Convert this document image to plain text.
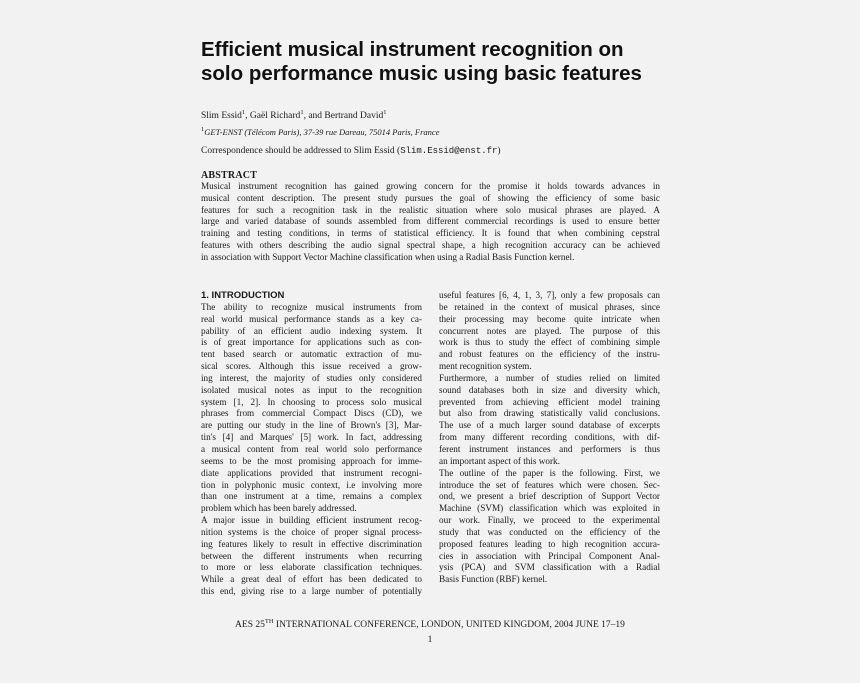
Efficient musical instrument recognition on
solo performance music using basic features
Slim Essid$^1$, Gaël Richard$^1$, and Bertrand David$^1$
$^1$GET-ENST (Télécom Paris), 37-39 rue Dareau, 75014 Paris, France
Correspondence should be addressed to Slim Essid (Slim.Essid@enst.fr)
ABSTRACT
Musical instrument recognition has gained growing concern for the promise it holds towards advances in
musical content description. The present study pursues the goal of showing the efficiency of some basic
features for such a recognition task in the realistic situation where solo musical phrases are played. A
large and varied database of sounds assembled from different commercial recordings is used to ensure better
training and testing conditions, in terms of statistical efficiency. It is found that when combining cepstral
features with others describing the audio signal spectral shape, a high recognition accuracy can be achieved
in association with Support Vector Machine classification when using a Radial Basis Function kernel.
1. INTRODUCTION
The ability to recognize musical instruments from
real world musical performance stands as a key ca-
pability of an efficient audio indexing system. It
is of great importance for applications such as con-
tent based search or automatic extraction of mu-
sical scores. Although this issue received a grow-
ing interest, the majority of studies only considered
isolated musical notes as input to the recognition
system [1, 2]. In choosing to process solo musical
phrases from commercial Compact Discs (CD), we
are putting our study in the line of Brown's [3], Mar-
tin's [4] and Marques' [5] work. In fact, addressing
a musical content from real world solo performance
seems to be the most promising approach for imme-
diate applications provided that instrument recogni-
tion in polyphonic music context, i.e involving more
than one instrument at a time, remains a complex
problem which has been barely addressed.
A major issue in building efficient instrument recog-
nition systems is the choice of proper signal process-
ing features likely to result in effective discrimination
between the different instruments when recurring
to more or less elaborate classification techniques.
While a great deal of effort has been dedicated to
this end, giving rise to a large number of potentially
useful features [6, 4, 1, 3, 7], only a few proposals can
be retained in the context of musical phrases, since
their processing may become quite intricate when
concurrent notes are played. The purpose of this
work is thus to study the effect of combining simple
and robust features on the efficiency of the instru-
ment recognition system.
Furthermore, a number of studies relied on limited
sound databases both in size and diversity which,
prevented from achieving efficient model training
but also from drawing statistically valid conclusions.
The use of a much larger sound database of excerpts
from many different recording conditions, with dif-
ferent instrument instances and performers is thus
an important aspect of this work.
The outline of the paper is the following. First, we
introduce the set of features which were chosen. Sec-
ond, we present a brief description of Support Vector
Machine (SVM) classification which was exploited in
our work. Finally, we proceed to the experimental
study that was conducted on the efficiency of the
proposed features leading to high recognition accura-
cies in association with Principal Component Anal-
ysis (PCA) and SVM classification with a Radial
Basis Function (RBF) kernel.
AES 25TH INTERNATIONAL CONFERENCE, LONDON, UNITED KINGDOM, 2004 JUNE 17–19
1
